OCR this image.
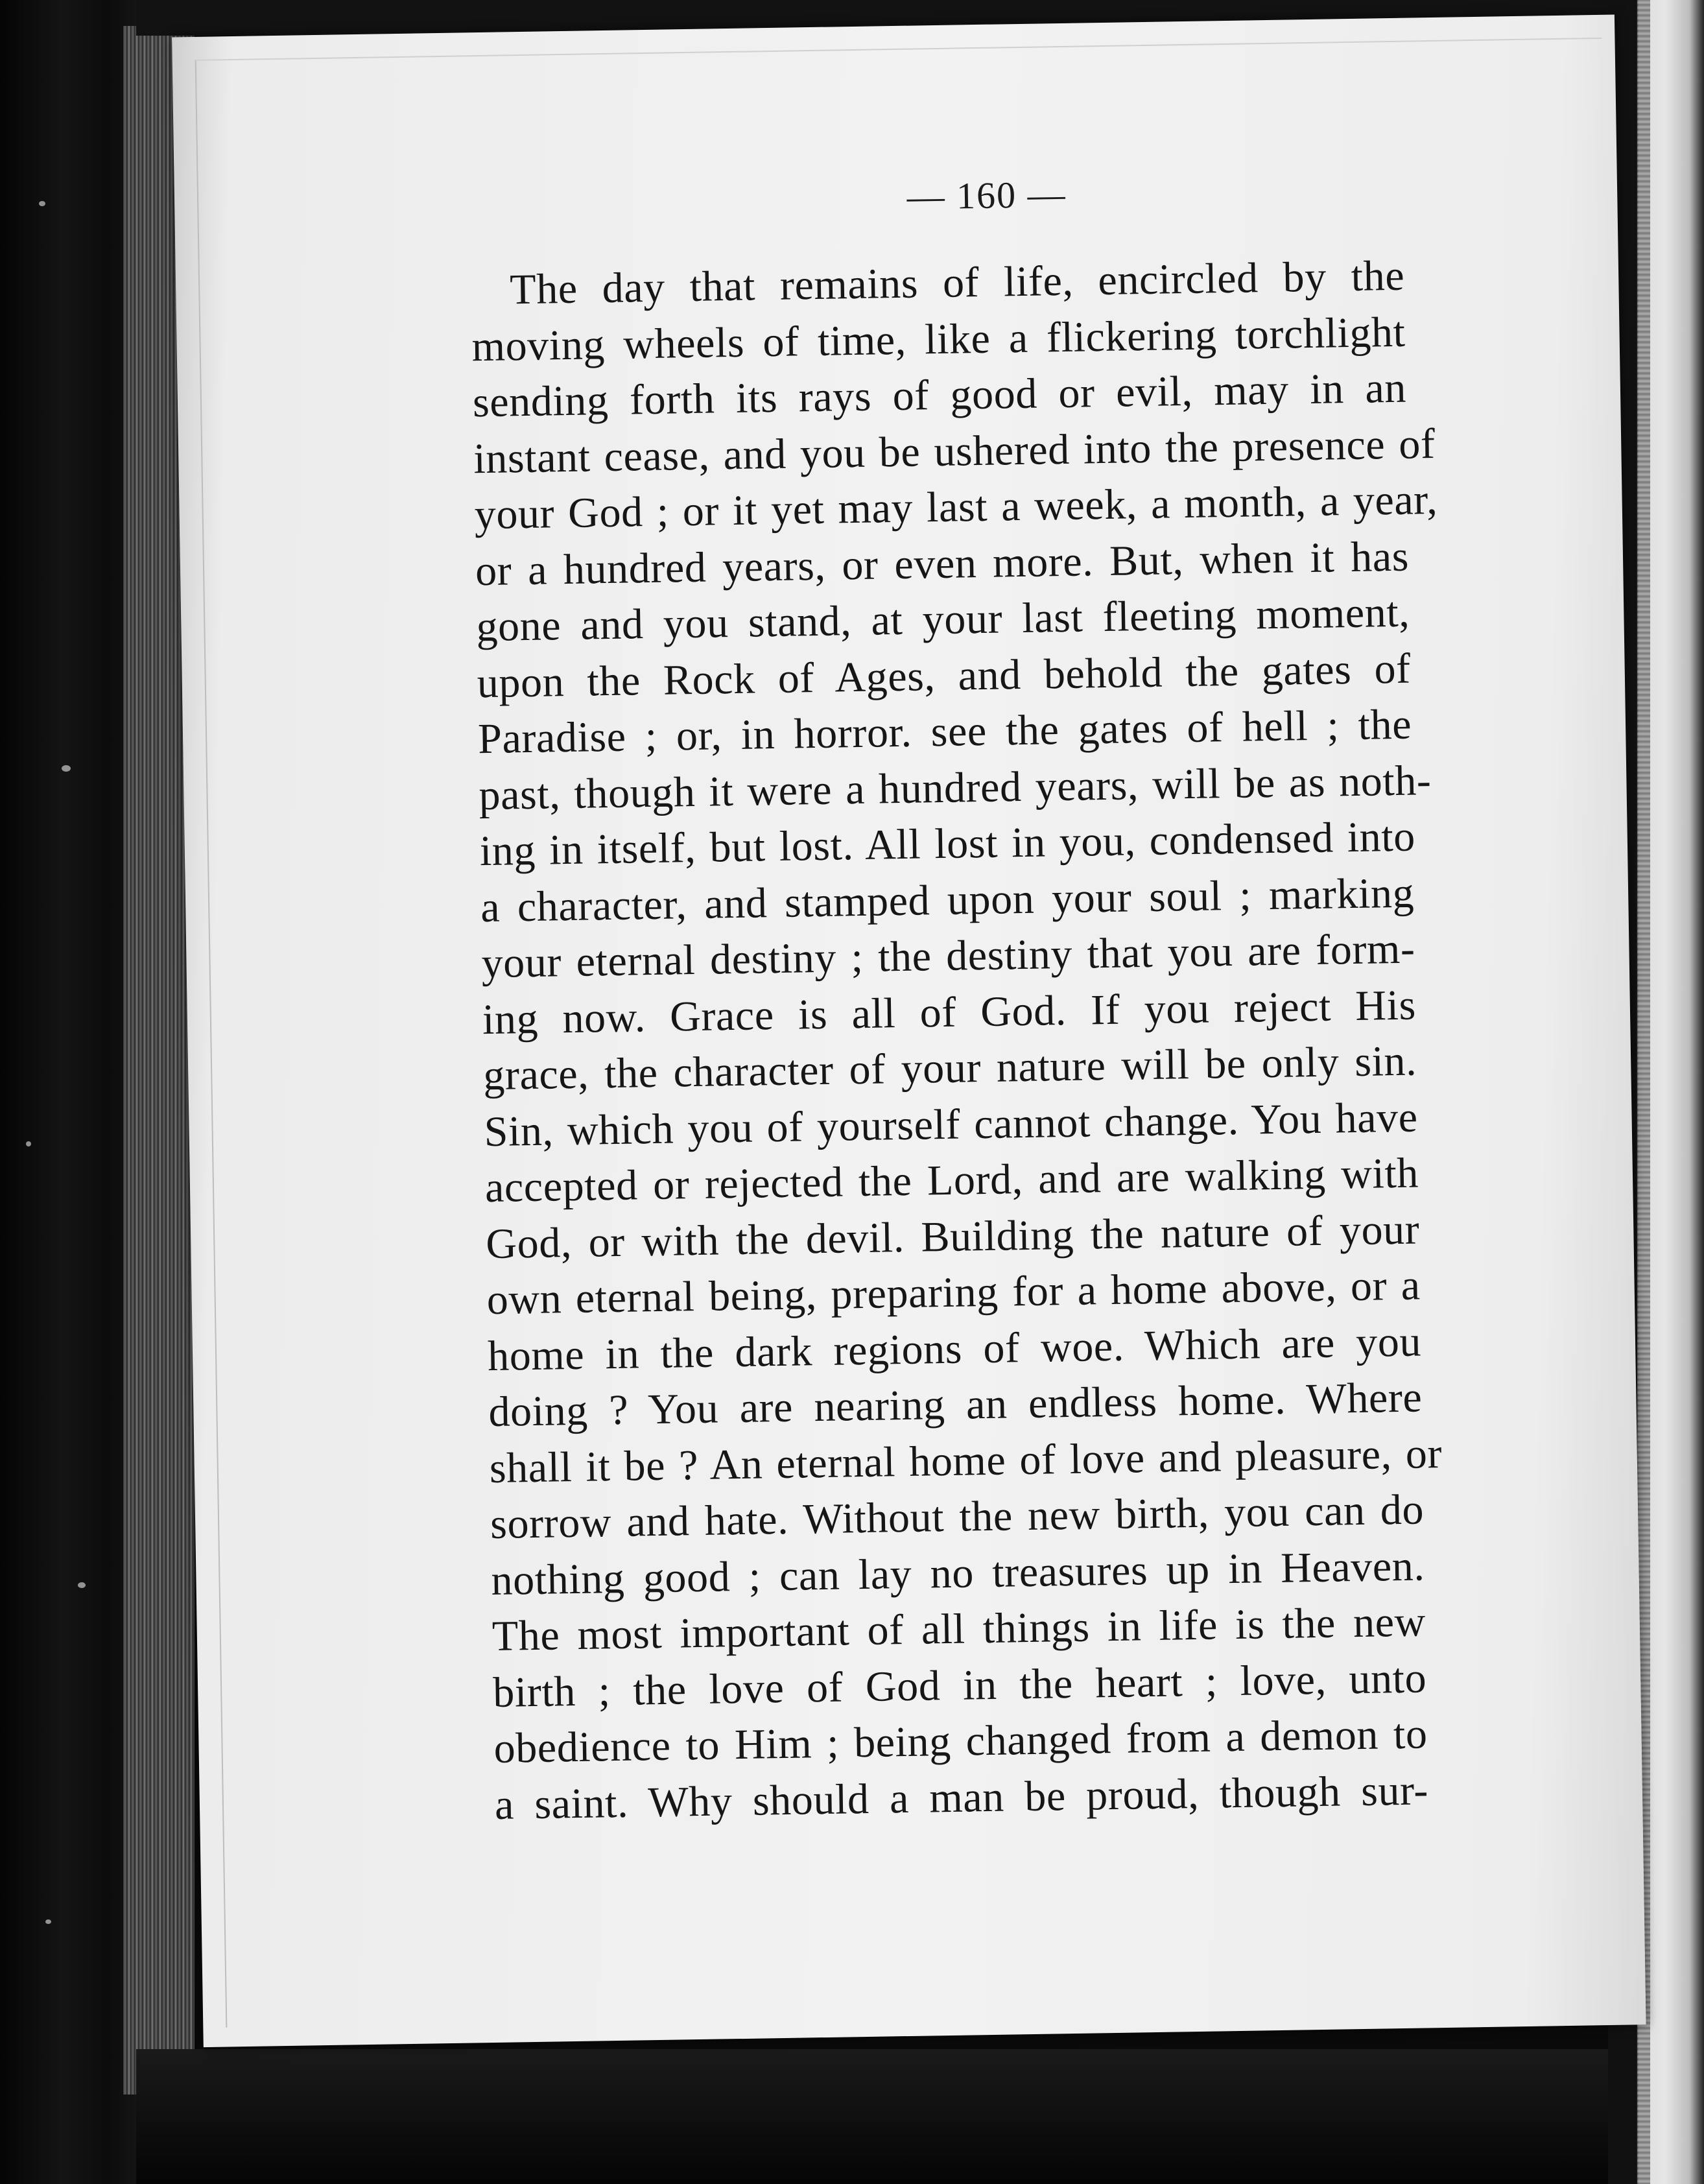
— 160 —
The day that remains of life, encircled by the
moving wheels of time, like a flickering torchlight
sending forth its rays of good or evil, may in an
instant cease, and you be ushered into the presence of
your God ; or it yet may last a week, a month, a year,
or a hundred years, or even more. But, when it has
gone and you stand, at your last fleeting moment,
upon the Rock of Ages, and behold the gates of
Paradise ; or, in horror. see the gates of hell ; the
past, though it were a hundred years, will be as noth-
ing in itself, but lost. All lost in you, condensed into
a character, and stamped upon your soul ; marking
your eternal destiny ; the destiny that you are form-
ing now. Grace is all of God. If you reject His
grace, the character of your nature will be only sin.
Sin, which you of yourself cannot change. You have
accepted or rejected the Lord, and are walking with
God, or with the devil. Building the nature of your
own eternal being, preparing for a home above, or a
home in the dark regions of woe. Which are you
doing ? You are nearing an endless home. Where
shall it be ? An eternal home of love and pleasure, or
sorrow and hate. Without the new birth, you can do
nothing good ; can lay no treasures up in Heaven.
The most important of all things in life is the new
birth ; the love of God in the heart ; love, unto
obedience to Him ; being changed from a demon to
a saint. Why should a man be proud, though sur-
